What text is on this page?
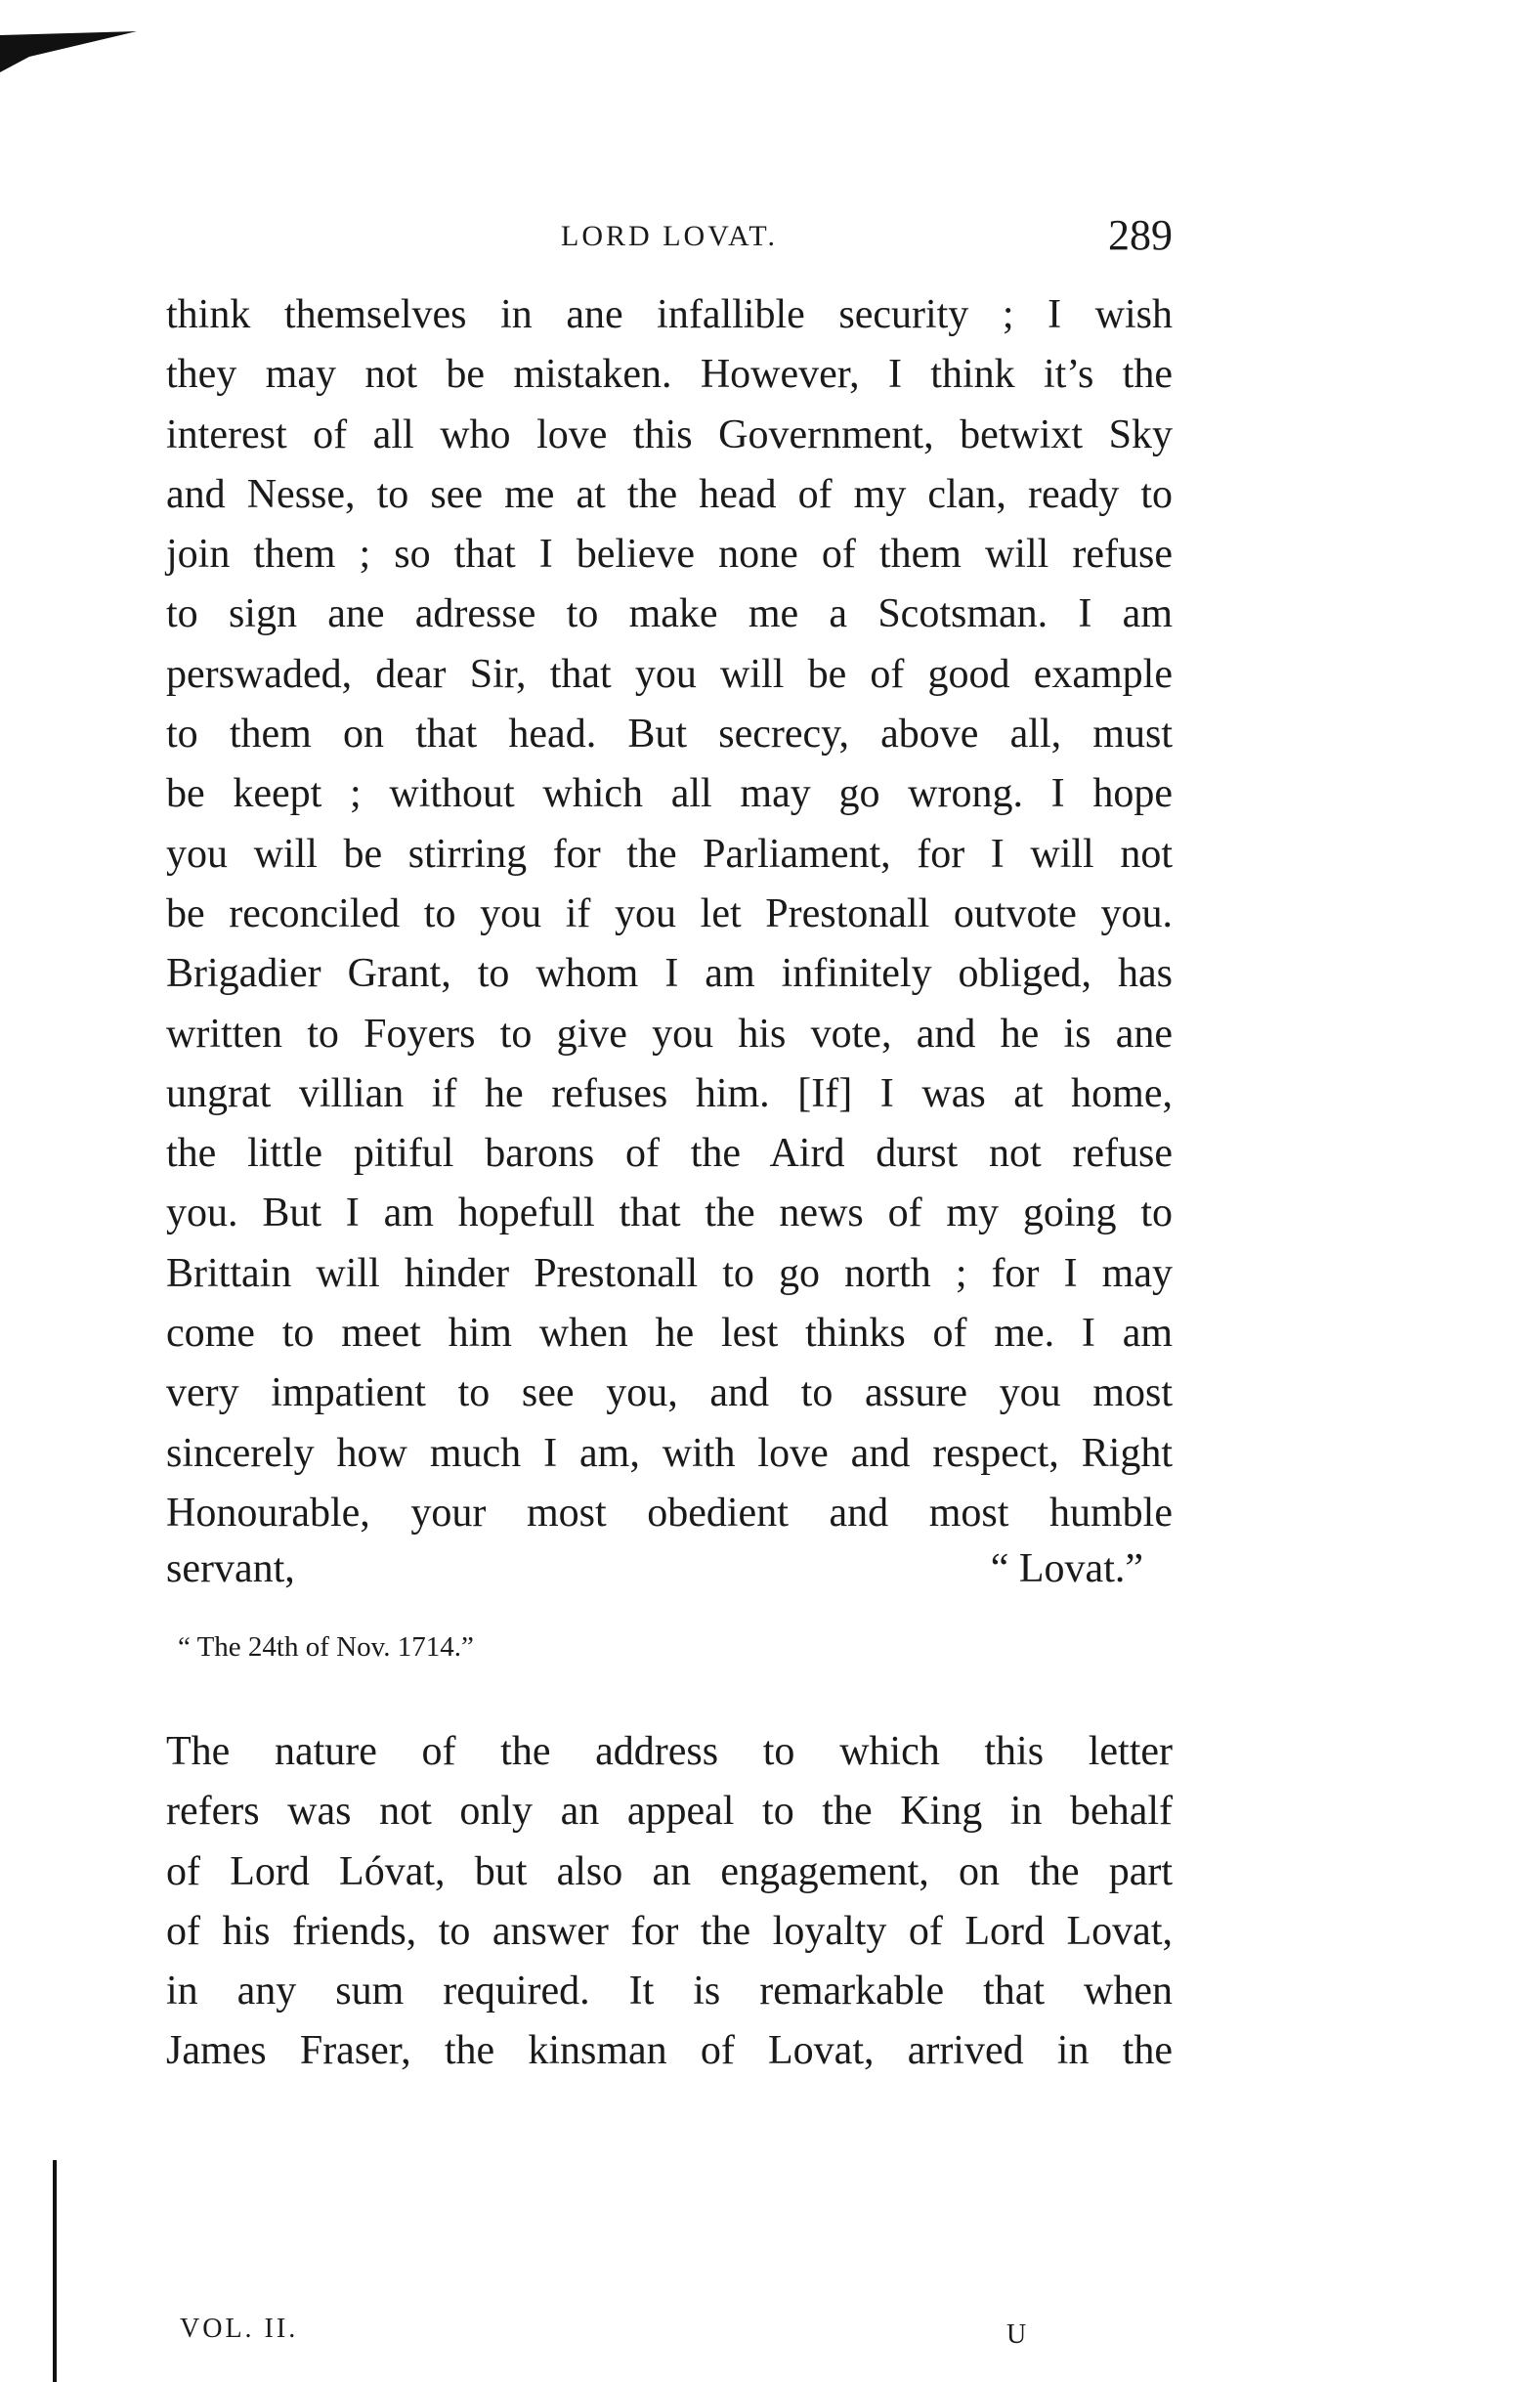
LORD LOVAT.	289
think themselves in ane infallible security ; I wish
they may not be mistaken. However, I think it’s the
interest of all who love this Government, betwixt Sky
and Nesse, to see me at the head of my clan, ready to
join them ; so that I believe none of them will refuse
to sign ane adresse to make me a Scotsman. I am
perswaded, dear Sir, that you will be of good example
to them on that head. But secrecy, above all, must
be keept ; without which all may go wrong. I hope
you will be stirring for the Parliament, for I will not
be reconciled to you if you let Prestonall outvote you.
Brigadier Grant, to whom I am infinitely obliged, has
written to Foyers to give you his vote, and he is ane
ungrat villian if he refuses him. [If] I was at home,
the little pitiful barons of the Aird durst not refuse
you. But I am hopefull that the news of my going to
Brittain will hinder Prestonall to go north ; for I may
come to meet him when he lest thinks of me. I am
very impatient to see you, and to assure you most
sincerely how much I am, with love and respect, Right
Honourable, your most obedient and most humble
servant,	“ Lovat.”
“ The 24th of Nov. 1714.”
The nature of the address to which this letter
refers was not only an appeal to the King in behalf
of Lord Lóvat, but also an engagement, on the part
of his friends, to answer for the loyalty of Lord Lovat,
in any sum required. It is remarkable that when
James Fraser, the kinsman of Lovat, arrived in the
VOL. II.	U
